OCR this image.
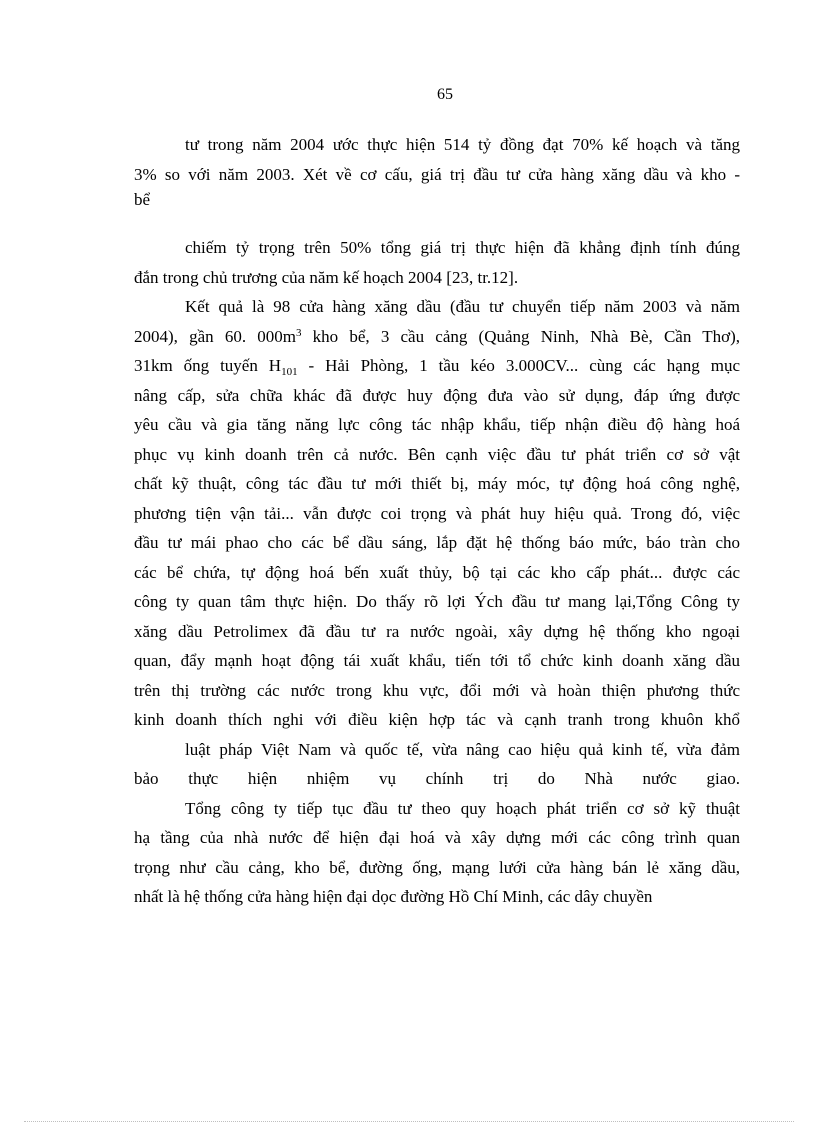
65
tư trong năm 2004 ước thực hiện 514 tỷ đồng đạt 70% kế hoạch và tăng
3% so với năm 2003. Xét về cơ cấu, giá trị đầu tư cửa hàng xăng dầu và kho -
bể
chiếm tỷ trọng trên 50% tổng giá trị thực hiện đã khẳng định tính đúng
đắn trong chủ trương của năm kế hoạch 2004 [23, tr.12].
Kết quả là 98 cửa hàng xăng dầu (đầu tư chuyển tiếp năm 2003 và năm
2004), gần 60. $000m^3$ kho bể, 3 cầu cảng (Quảng Ninh, Nhà Bè, Cần Thơ),
31km ống tuyến $H_{101}$ - Hải Phòng, 1 tầu kéo 3.000CV... cùng các hạng mục
nâng cấp, sửa chữa khác đã được huy động đưa vào sử dụng, đáp ứng được
yêu cầu và gia tăng năng lực công tác nhập khẩu, tiếp nhận điều độ hàng hoá
phục vụ kinh doanh trên cả nước. Bên cạnh việc đầu tư phát triển cơ sở vật
chất kỹ thuật, công tác đầu tư mới thiết bị, máy móc, tự động hoá công nghệ,
phương tiện vận tải... vẫn được coi trọng và phát huy hiệu quả. Trong đó, việc
đầu tư mái phao cho các bể dầu sáng, lắp đặt hệ thống báo mức, báo tràn cho
các bể chứa, tự động hoá bến xuất thủy, bộ tại các kho cấp phát... được các
công ty quan tâm thực hiện. Do thấy rõ lợi Ých đầu tư mang lại,Tổng Công ty
xăng dầu Petrolimex đã đầu tư ra nước ngoài, xây dựng hệ thống kho ngoại
quan, đẩy mạnh hoạt động tái xuất khẩu, tiến tới tổ chức kinh doanh xăng dầu
trên thị trường các nước trong khu vực, đổi mới và hoàn thiện phương thức
kinh doanh thích nghi với điều kiện hợp tác và cạnh tranh trong khuôn khổ
luật pháp Việt Nam và quốc tế, vừa nâng cao hiệu quả kinh tế, vừa đảm
bảo thực hiện nhiệm vụ chính trị do Nhà nước giao.
Tổng công ty tiếp tục đầu tư theo quy hoạch phát triển cơ sở kỹ thuật
hạ tầng của nhà nước để hiện đại hoá và xây dựng mới các công trình quan
trọng như cầu cảng, kho bể, đường ống, mạng lưới cửa hàng bán lẻ xăng dầu,
nhất là hệ thống cửa hàng hiện đại dọc đường Hồ Chí Minh, các dây chuyền
